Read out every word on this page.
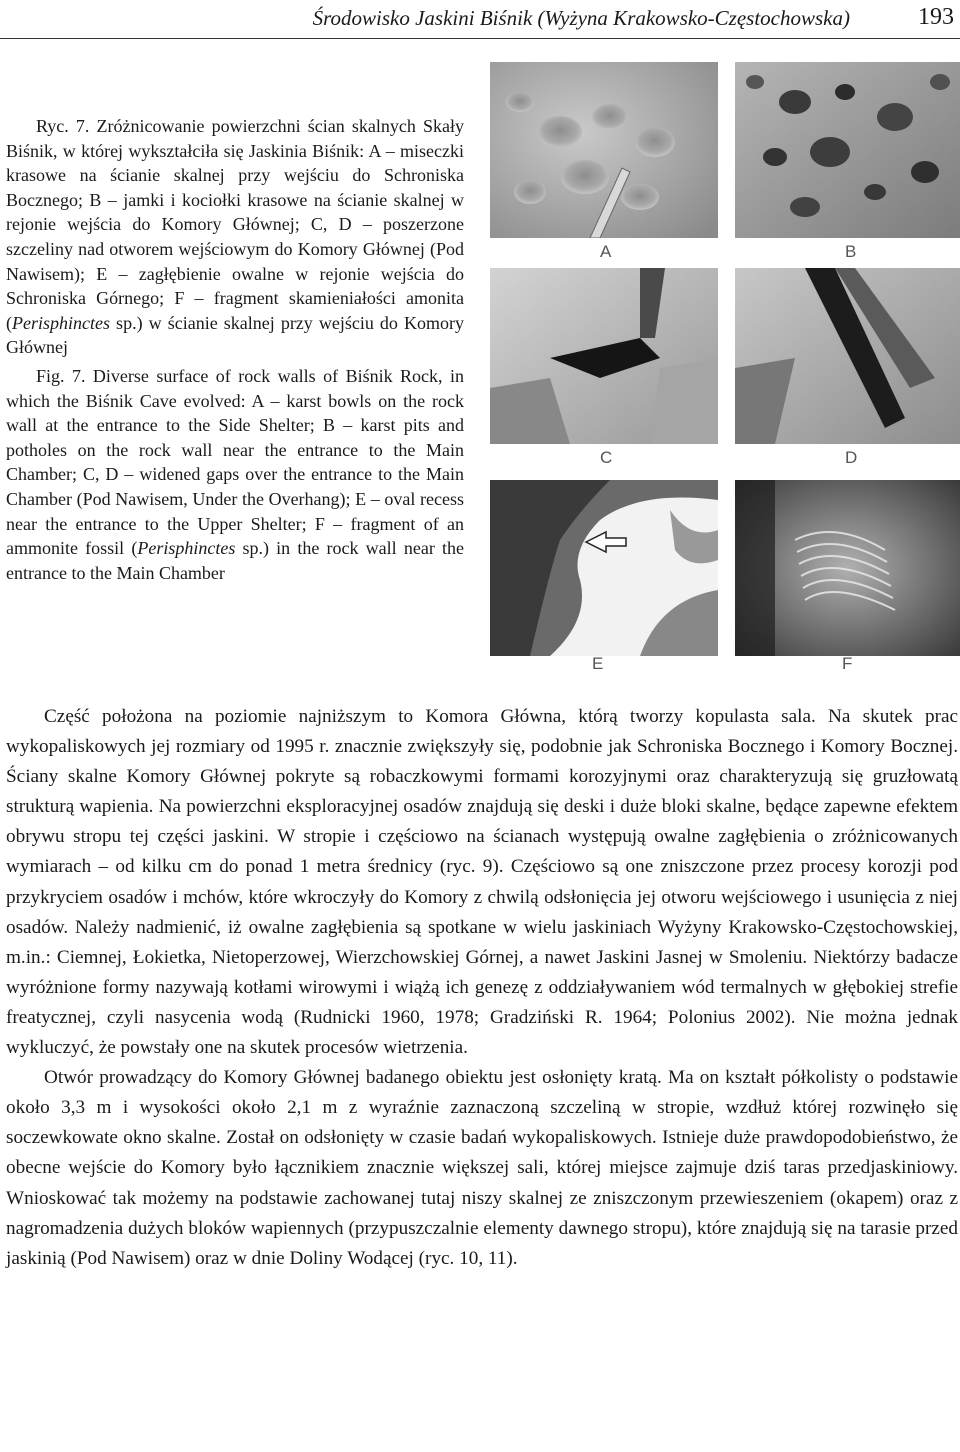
Środowisko Jaskini Biśnik (Wyżyna Krakowsko-Częstochowska)	193

Ryc. 7. Zróżnicowanie powierzchni ścian skalnych Skały Biśnik, w której wykształciła się Jaskinia Biśnik: A – miseczki krasowe na ścianie skalnej przy wejściu do Schroniska Bocznego; B – jamki i kociołki krasowe na ścianie skalnej w rejonie wejścia do Komory Głównej; C, D – poszerzone szczeliny nad otworem wejściowym do Komory Głównej (Pod Nawisem); E – zagłębienie owalne w rejonie wejścia do Schroniska Górnego; F – fragment skamieniałości amonita (Perisphinctes sp.) w ścianie skalnej przy wejściu do Komory Głównej

Fig. 7. Diverse surface of rock walls of Biśnik Rock, in which the Biśnik Cave evolved: A – karst bowls on the rock wall at the entrance to the Side Shelter; B – karst pits and potholes on the rock wall near the entrance to the Main Chamber; C, D – widened gaps over the entrance to the Main Chamber (Pod Nawisem, Under the Overhang); E – oval recess near the entrance to the Upper Shelter; F – fragment of an ammonite fossil (Perisphinctes sp.) in the rock wall near the entrance to the Main Chamber

A	B
C	D
E	F

Część położona na poziomie najniższym to Komora Główna, którą tworzy kopulasta sala. Na skutek prac wykopaliskowych jej rozmiary od 1995 r. znacznie zwiększyły się, podobnie jak Schroniska Bocznego i Komory Bocznej. Ściany skalne Komory Głównej pokryte są robaczkowymi formami korozyjnymi oraz charakteryzują się gruzłowatą strukturą wapienia. Na powierzchni eksploracyjnej osadów znajdują się deski i duże bloki skalne, będące zapewne efektem obrywu stropu tej części jaskini. W stropie i częściowo na ścianach występują owalne zagłębienia o zróżnicowanych wymiarach – od kilku cm do ponad 1 metra średnicy (ryc. 9). Częściowo są one zniszczone przez procesy korozji pod przykryciem osadów i mchów, które wkroczyły do Komory z chwilą odsłonięcia jej otworu wejściowego i usunięcia z niej osadów. Należy nadmienić, iż owalne zagłębienia są spotkane w wielu jaskiniach Wyżyny Krakowsko-Częstochowskiej, m.in.: Ciemnej, Łokietka, Nietoperzowej, Wierzchowskiej Górnej, a nawet Jaskini Jasnej w Smoleniu. Niektórzy badacze wyróżnione formy nazywają kotłami wirowymi i wiążą ich genezę z oddziaływaniem wód termalnych w głębokiej strefie freatycznej, czyli nasycenia wodą (Rudnicki 1960, 1978; Gradziński R. 1964; Polonius 2002). Nie można jednak wykluczyć, że powstały one na skutek procesów wietrzenia.

Otwór prowadzący do Komory Głównej badanego obiektu jest osłonięty kratą. Ma on kształt półkolisty o podstawie około 3,3 m i wysokości około 2,1 m z wyraźnie zaznaczoną szczeliną w stropie, wzdłuż której rozwinęło się soczewkowate okno skalne. Został on odsłonięty w czasie badań wykopaliskowych. Istnieje duże prawdopodobieństwo, że obecne wejście do Komory było łącznikiem znacznie większej sali, której miejsce zajmuje dziś taras przedjaskiniowy. Wnioskować tak możemy na podstawie zachowanej tutaj niszy skalnej ze zniszczonym przewieszeniem (okapem) oraz z nagromadzenia dużych bloków wapiennych (przypuszczalnie elementy dawnego stropu), które znajdują się na tarasie przed jaskinią (Pod Nawisem) oraz w dnie Doliny Wodącej (ryc. 10, 11).
